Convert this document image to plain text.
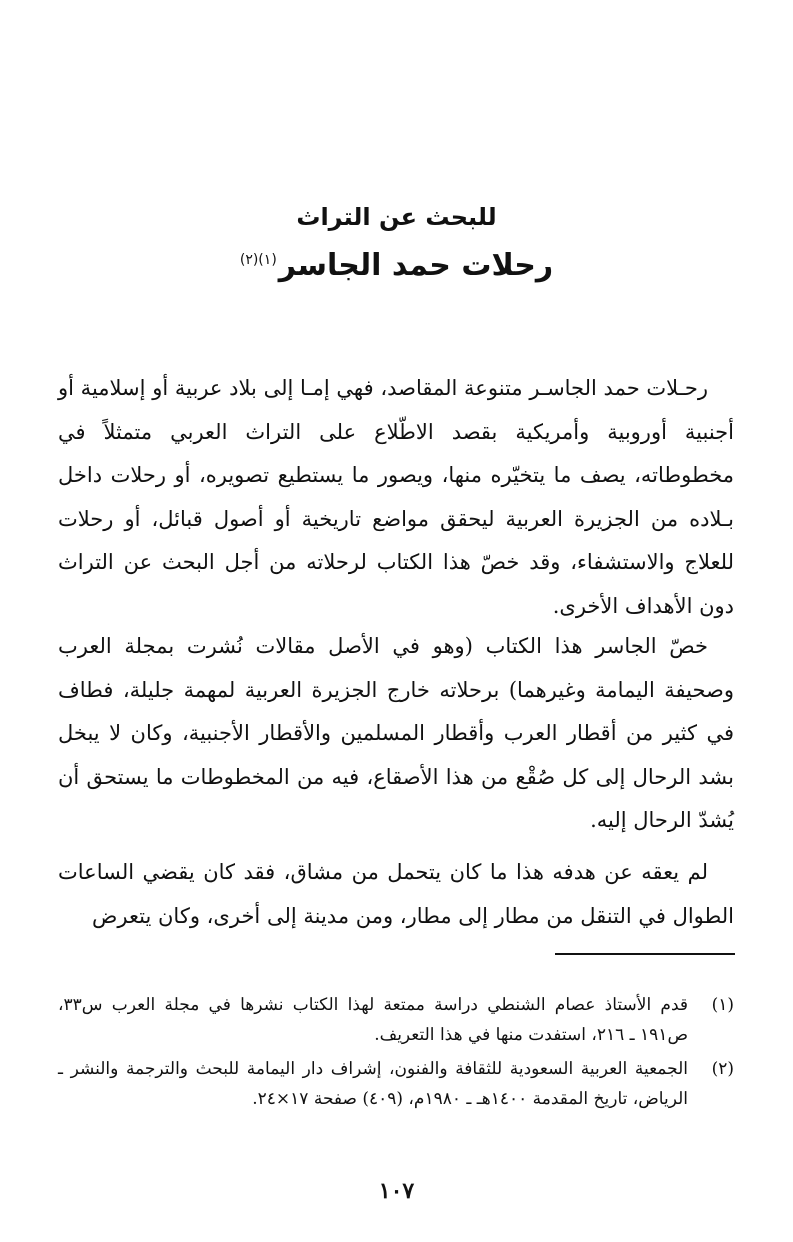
للبحث عن التراث
رحلات حمد الجاسر$^{(١)(٢)}$

رحـلات حمد الجاسـر متنوعة المقاصد، فهي إمـا إلى بلاد عربية أو إسلامية أو أجنبية أوروبية وأمريكية بقصد الاطّلاع على التراث العربي متمثلاً في مخطوطاته، يصف ما يتخيّره منها، ويصور ما يستطيع تصويره، أو رحلات داخل بـلاده من الجزيرة العربية ليحقق مواضع تاريخية أو أصول قبائل، أو رحلات للعلاج والاستشفاء، وقد خصّ هذا الكتاب لرحلاته من أجل البحث عن التراث دون الأهداف الأخرى.

خصّ الجاسر هذا الكتاب (وهو في الأصل مقالات نُشرت بمجلة العرب وصحيفة اليمامة وغيرهما) برحلاته خارج الجزيرة العربية لمهمة جليلة، فطاف في كثير من أقطار العرب وأقطار المسلمين والأقطار الأجنبية، وكان لا يبخل بشد الرحال إلى كل صُقْع من هذا الأصقاع، فيه من المخطوطات ما يستحق أن يُشدّ الرحال إليه.

لم يعقه عن هدفه هذا ما كان يتحمل من مشاق، فقد كان يقضي الساعات الطوال في التنقل من مطار إلى مطار، ومن مدينة إلى أخرى، وكان يتعرض

(١)
قدم الأستاذ عصام الشنطي دراسة ممتعة لهذا الكتاب نشرها في مجلة العرب س٣٣، ص١٩١ ـ ٢١٦، استفدت منها في هذا التعريف.
(٢)
الجمعية العربية السعودية للثقافة والفنون، إشراف دار اليمامة للبحث والترجمة والنشر ـ الرياض، تاريخ المقدمة ١٤٠٠هـ ـ ١٩٨٠م، (٤٠٩) صفحة ١٧×٢٤.
١٠٧
